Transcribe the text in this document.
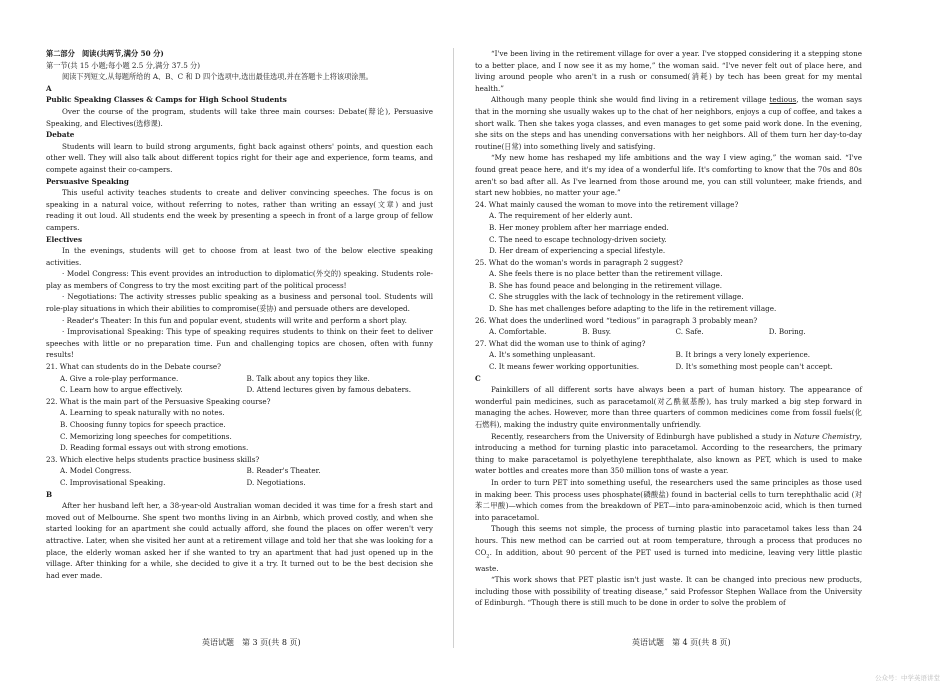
第二部分　阅读(共两节,满分 50 分)

第一节(共 15 小题;每小题 2.5 分,满分 37.5 分)

阅读下列短文,从每题所给的 A、B、C 和 D 四个选项中,选出最佳选项,并在答题卡上将该项涂黑。

A

Public Speaking Classes & Camps for High School Students

Over the course of the program, students will take three main courses: Debate(辩论), Persuasive Speaking, and Electives(选修课).

Debate

Students will learn to build strong arguments, fight back against others' points, and question each other well. They will also talk about different topics right for their age and experience, form teams, and compete against their co-campers.

Persuasive Speaking

This useful activity teaches students to create and deliver convincing speeches. The focus is on speaking in a natural voice, without referring to notes, rather than writing an essay(文章) and just reading it out loud. All students end the week by presenting a speech in front of a large group of fellow campers.

Electives

In the evenings, students will get to choose from at least two of the below elective speaking activities.

· Model Congress: This event provides an introduction to diplomatic(外交的) speaking. Students role-play as members of Congress to try the most exciting part of the political process!

· Negotiations: The activity stresses public speaking as a business and personal tool. Students will role-play situations in which their abilities to compromise(妥协) and persuade others are developed.

· Reader's Theater: In this fun and popular event, students will write and perform a short play.

· Improvisational Speaking: This type of speaking requires students to think on their feet to deliver speeches with little or no preparation time. Fun and challenging topics are chosen, often with funny results!

21. What can students do in the Debate course?

A. Give a role-play performance.	B. Talk about any topics they like.
C. Learn how to argue effectively.	D. Attend lectures given by famous debaters.

22. What is the main part of the Persuasive Speaking course?

A. Learning to speak naturally with no notes.

B. Choosing funny topics for speech practice.

C. Memorizing long speeches for competitions.

D. Reading formal essays out with strong emotions.

23. Which elective helps students practice business skills?

A. Model Congress.	B. Reader's Theater.
C. Improvisational Speaking.	D. Negotiations.

B

After her husband left her, a 38-year-old Australian woman decided it was time for a fresh start and moved out of Melbourne. She spent two months living in an Airbnb, which proved costly, and when she started looking for an apartment she could actually afford, she found the places on offer weren't very attractive. Later, when she visited her aunt at a retirement village and told her that she was looking for a place, the elderly woman asked her if she wanted to try an apartment that had just opened up in the village. After thinking for a while, she decided to give it a try. It turned out to be the best decision she had ever made.

“I've been living in the retirement village for over a year. I've stopped considering it a stepping stone to a better place, and I now see it as my home,” the woman said. “I've never felt out of place here, and living around people who aren't in a rush or consumed(消耗) by tech has been great for my mental health.”

Although many people think she would find living in a retirement village tedious, the woman says that in the morning she usually wakes up to the chat of her neighbors, enjoys a cup of coffee, and takes a short walk. Then she takes yoga classes, and even manages to get some paid work done. In the evening, she sits on the steps and has unending conversations with her neighbors. All of them turn her day-to-day routine(日常) into something lively and satisfying.

“My new home has reshaped my life ambitions and the way I view aging,” the woman said. “I've found great peace here, and it's my idea of a wonderful life. It's comforting to know that the 70s and 80s aren't so bad after all. As I've learned from those around me, you can still volunteer, make friends, and start new hobbies, no matter your age.”

24. What mainly caused the woman to move into the retirement village?

A. The requirement of her elderly aunt.

B. Her money problem after her marriage ended.

C. The need to escape technology-driven society.

D. Her dream of experiencing a special lifestyle.

25. What do the woman's words in paragraph 2 suggest?

A. She feels there is no place better than the retirement village.

B. She has found peace and belonging in the retirement village.

C. She struggles with the lack of technology in the retirement village.

D. She has met challenges before adapting to the life in the retirement village.

26. What does the underlined word “tedious” in paragraph 3 probably mean?

A. Comfortable.	B. Busy.	C. Safe.	D. Boring.

27. What did the woman use to think of aging?

A. It's something unpleasant.	B. It brings a very lonely experience.
C. It means fewer working opportunities.	D. It's something most people can't accept.

C

Painkillers of all different sorts have always been a part of human history. The appearance of wonderful pain medicines, such as paracetamol(对乙酰氨基酚), has truly marked a big step forward in managing the aches. However, more than three quarters of common medicines come from fossil fuels(化石燃料), making the industry quite environmentally unfriendly.

Recently, researchers from the University of Edinburgh have published a study in Nature Chemistry, introducing a method for turning plastic into paracetamol. According to the researchers, the primary thing to make paracetamol is polyethylene terephthalate, also known as PET, which is used to make water bottles and creates more than 350 million tons of waste a year.

In order to turn PET into something useful, the researchers used the same principles as those used in making beer. This process uses phosphate(磷酸盐) found in bacterial cells to turn terephthalic acid (对苯二甲酸)—which comes from the breakdown of PET—into para-aminobenzoic acid, which is then turned into paracetamol.

Though this seems not simple, the process of turning plastic into paracetamol takes less than 24 hours. This new method can be carried out at room temperature, through a process that produces no $CO_2$. In addition, about 90 percent of the PET used is turned into medicine, leaving very little plastic waste.

“This work shows that PET plastic isn't just waste. It can be changed into precious new products, including those with possibility of treating disease,” said Professor Stephen Wallace from the University of Edinburgh. “Though there is still much to be done in order to solve the problem of

英语试题　第 3 页(共 8 页)	英语试题　第 4 页(共 8 页)
公众号：中学英语讲堂
